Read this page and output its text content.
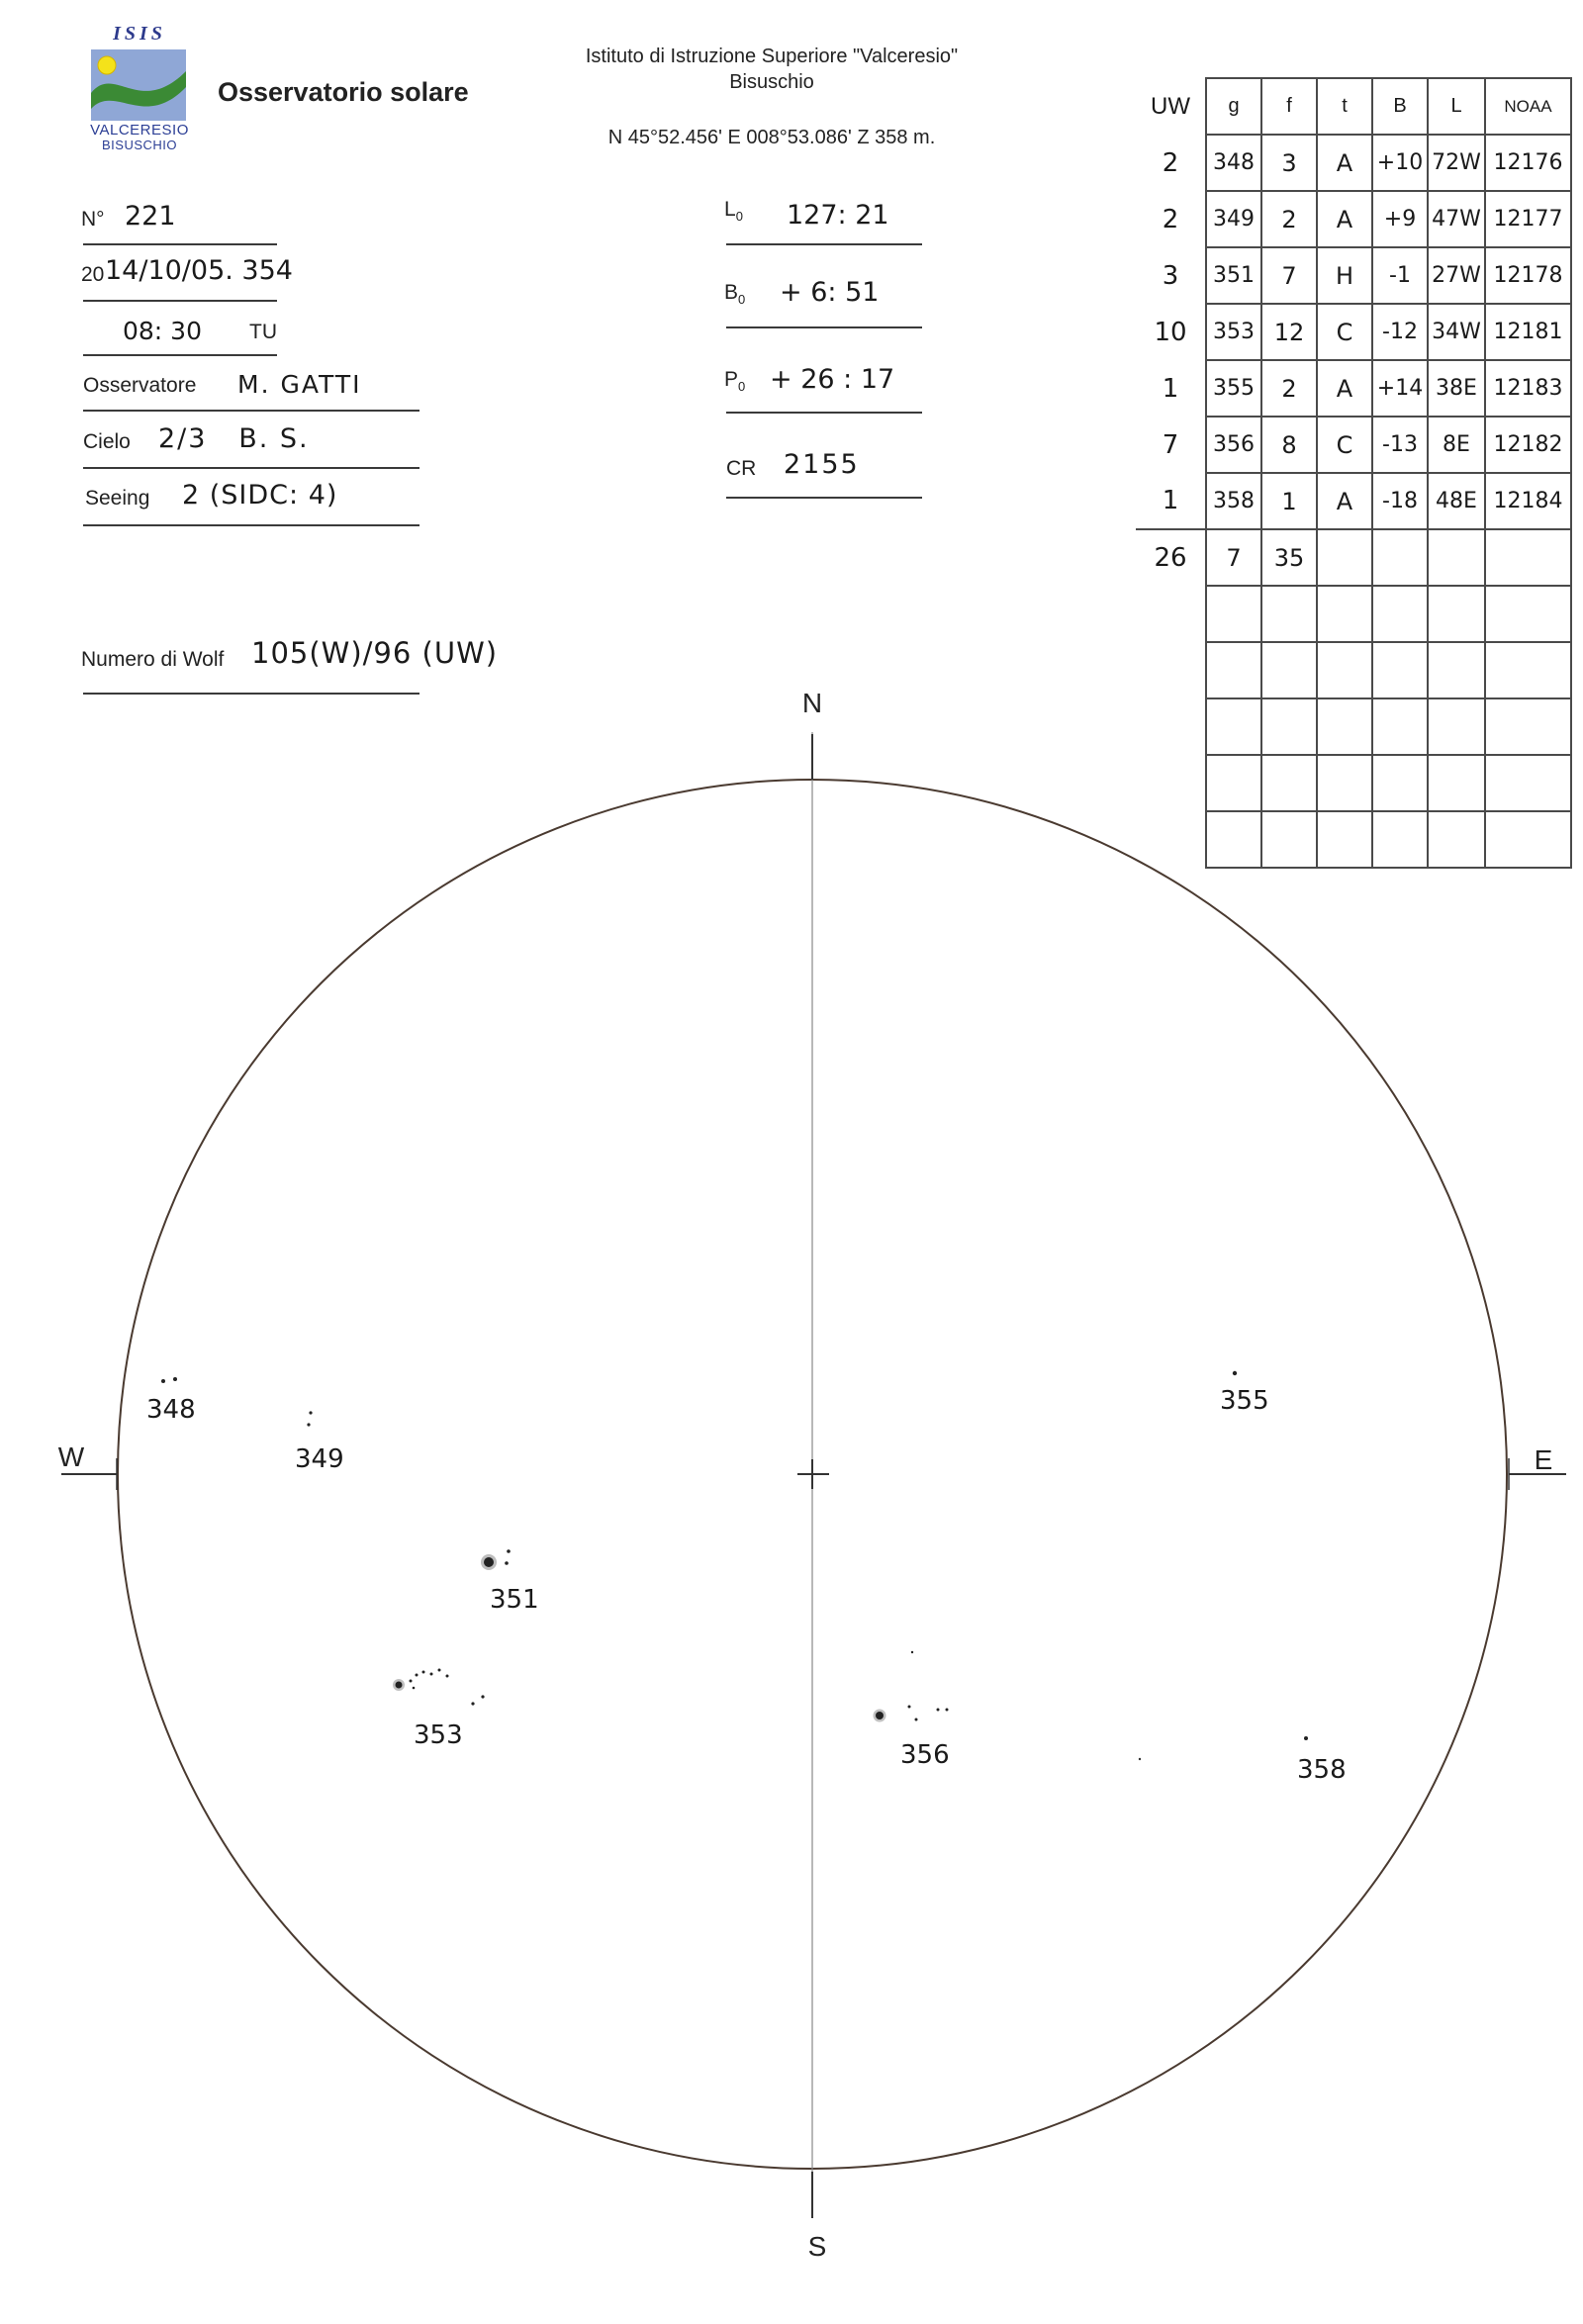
ISIS
VALCERESIO
BISUSCHIO
Osservatorio solare
Istituto di Istruzione Superiore "Valceresio"
Bisuschio
N 45°52.456' E 008°53.086' Z 358 m.
N° 221
20 14/10/05. 354
08: 30 TU
Osservatore M. GATTI
Cielo 2/3   B. S.
Seeing 2 (SIDC: 4)
Numero di Wolf 105(W)/96 (UW)
$L_0$ 127: 21
$B_0 + 6$: 51
$P_0 + 26$ : 17
CR 2155
UW	g	f	t	B	L	NOAA
2	348	3	A	+10	72W	12176
2	349	2	A	+9	47W	12177
3	351	7	H	-1	27W	12178
10	353	12	C	-12	34W	12181
1	355	2	A	+14	38E	12183
7	356	8	C	-13	8E	12182
1	358	1	A	-18	48E	12184
26	7	35				

N
S
W	E
348
349
351
353
355
356	358
